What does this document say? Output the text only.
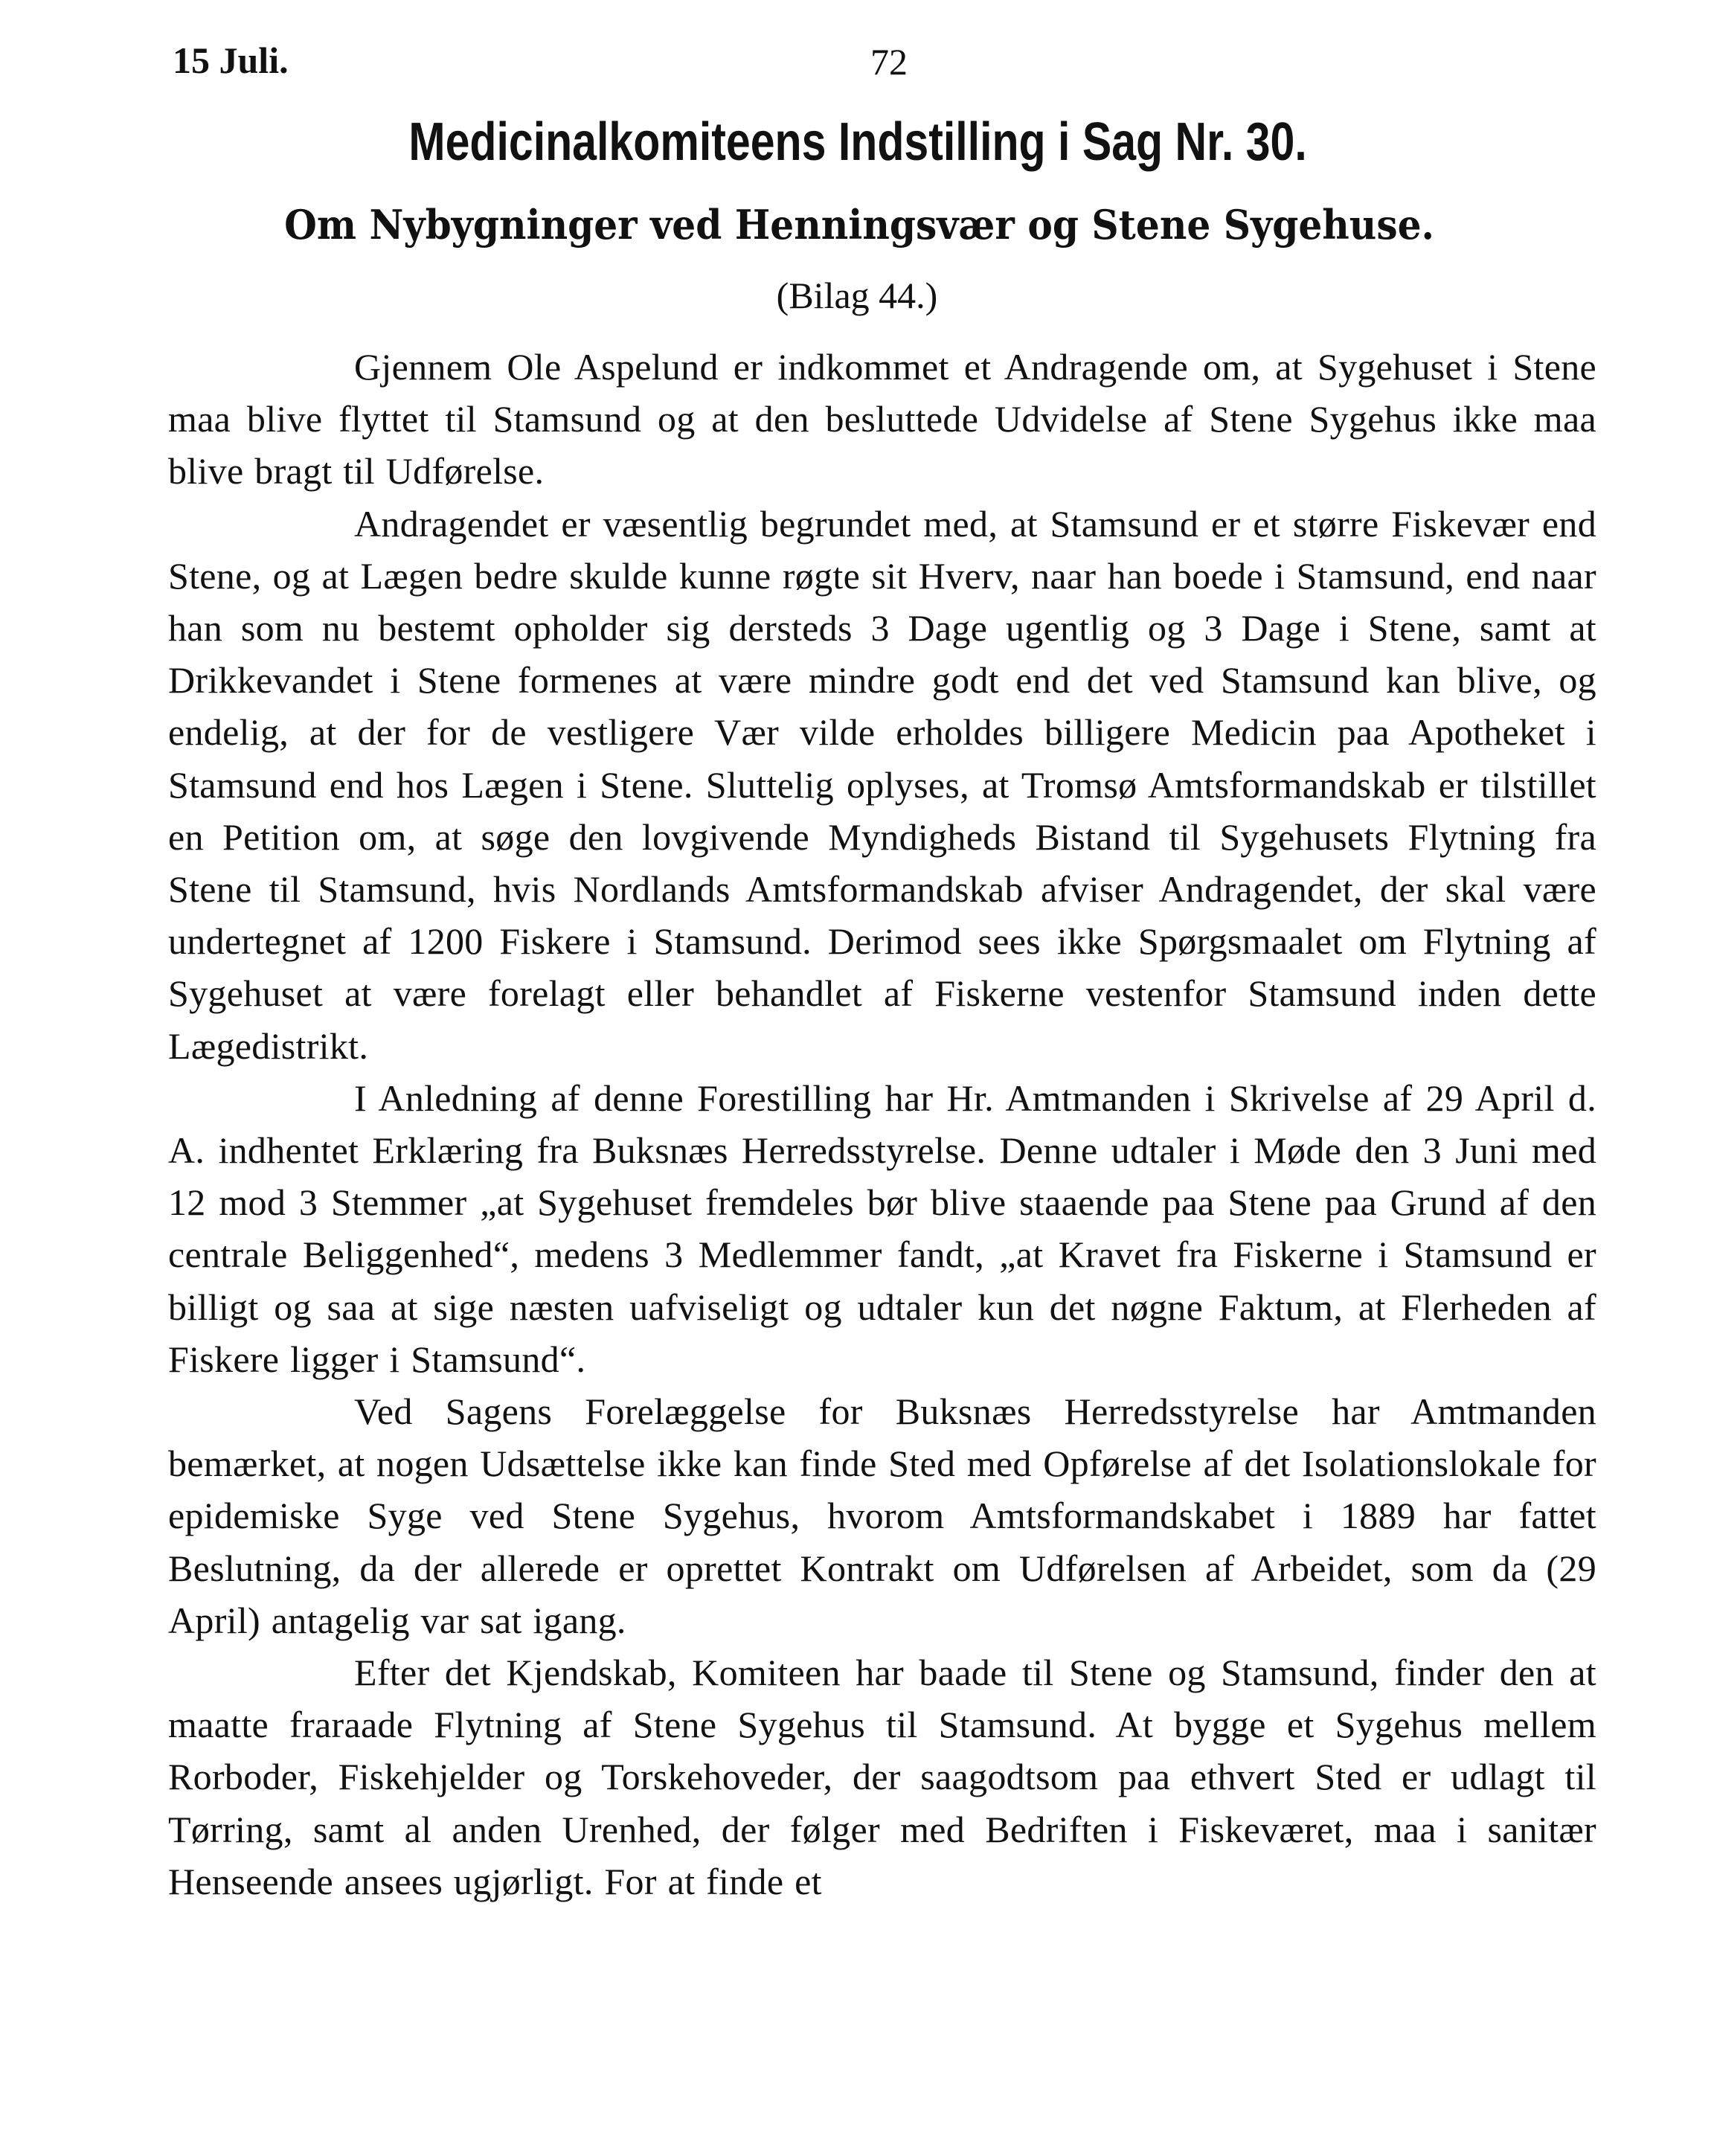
15 Juli.	72
Medicinalkomiteens Indstilling i Sag Nr. 30.
Om Nybygninger ved Henningsvær og Stene Sygehuse.
(Bilag 44.)

Gjennem Ole Aspelund er indkommet et Andragende om, at Sygehuset i Stene maa blive flyttet til Stamsund og at den besluttede Udvidelse af Stene Sygehus ikke maa blive bragt til Udførelse.

Andragendet er væsentlig begrundet med, at Stamsund er et større Fiskevær end Stene, og at Lægen bedre skulde kunne røgte sit Hverv, naar han boede i Stamsund, end naar han som nu bestemt opholder sig dersteds 3 Dage ugentlig og 3 Dage i Stene, samt at Drikkevandet i Stene formenes at være mindre godt end det ved Stamsund kan blive, og endelig, at der for de vestligere Vær vilde erholdes billigere Medicin paa Apotheket i Stamsund end hos Lægen i Stene. Sluttelig oplyses, at Tromsø Amtsformandskab er tilstillet en Petition om, at søge den lovgivende Myndigheds Bistand til Sygehusets Flytning fra Stene til Stamsund, hvis Nordlands Amtsformandskab afviser Andragendet, der skal være undertegnet af 1200 Fiskere i Stamsund. Derimod sees ikke Spørgsmaalet om Flytning af Sygehuset at være forelagt eller behandlet af Fiskerne vestenfor Stamsund inden dette Lægedistrikt.

I Anledning af denne Forestilling har Hr. Amtmanden i Skrivelse af 29 April d. A. indhentet Erklæring fra Buksnæs Herredsstyrelse. Denne udtaler i Møde den 3 Juni med 12 mod 3 Stemmer „at Sygehuset fremdeles bør blive staaende paa Stene paa Grund af den centrale Beliggenhed“, medens 3 Medlemmer fandt, „at Kravet fra Fiskerne i Stamsund er billigt og saa at sige næsten uafviseligt og udtaler kun det nøgne Faktum, at Flerheden af Fiskere ligger i Stamsund“.

Ved Sagens Forelæggelse for Buksnæs Herredsstyrelse har Amtmanden bemærket, at nogen Udsættelse ikke kan finde Sted med Opførelse af det Isolationslokale for epidemiske Syge ved Stene Sygehus, hvorom Amtsformandskabet i 1889 har fattet Beslutning, da der allerede er oprettet Kontrakt om Udførelsen af Arbeidet, som da (29 April) antagelig var sat igang.

Efter det Kjendskab, Komiteen har baade til Stene og Stamsund, finder den at maatte fraraade Flytning af Stene Sygehus til Stamsund. At bygge et Sygehus mellem Rorboder, Fiskehjelder og Torskehoveder, der saagodtsom paa ethvert Sted er udlagt til Tørring, samt al anden Urenhed, der følger med Bedriften i Fiskeværet, maa i sanitær Henseende ansees ugjørligt. For at finde et
